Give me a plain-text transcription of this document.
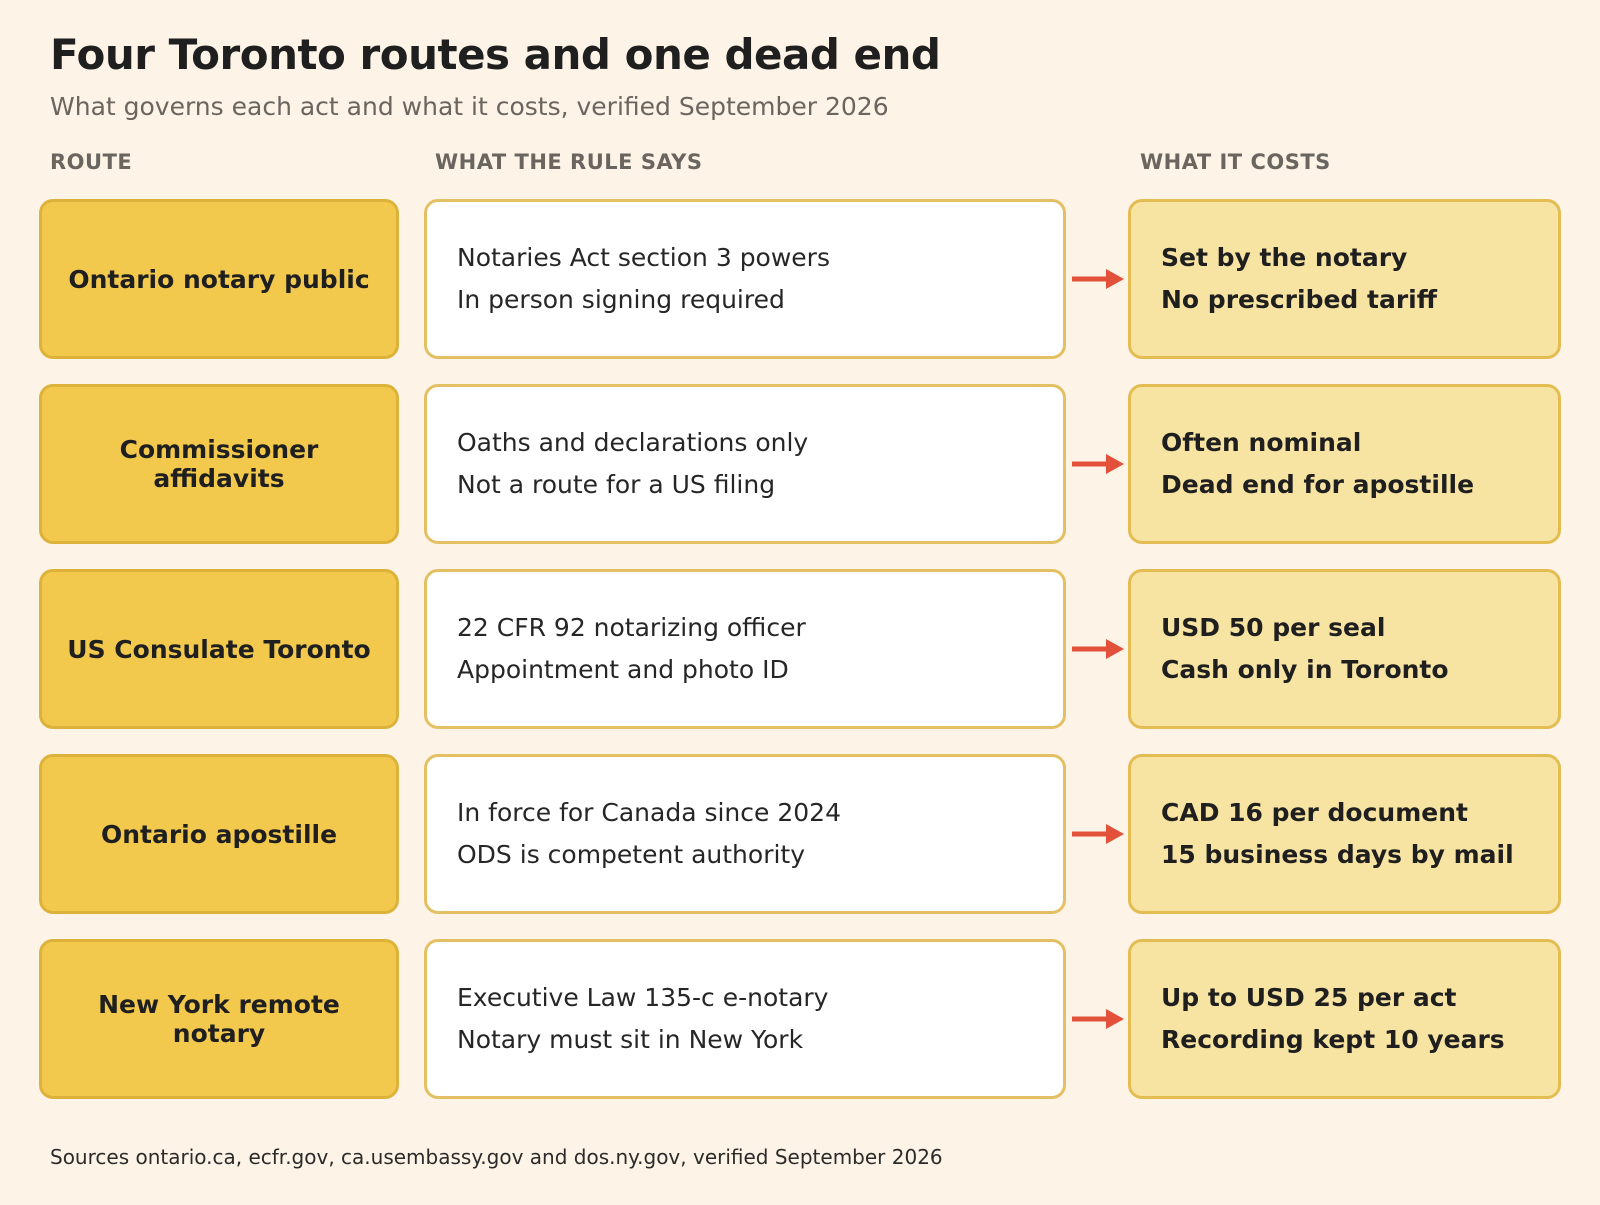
Four Toronto routes and one dead end

What governs each act and what it costs, verified September 2026

ROUTE	WHAT THE RULE SAYS	WHAT IT COSTS
Ontario notary public
Notaries Act section 3 powers
In person signing required
Set by the notary
No prescribed tariff
Commissioner affidavits
Oaths and declarations only
Not a route for a US filing
Often nominal
Dead end for apostille
US Consulate Toronto
22 CFR 92 notarizing officer
Appointment and photo ID
USD 50 per seal
Cash only in Toronto
Ontario apostille
In force for Canada since 2024
ODS is competent authority
CAD 16 per document
15 business days by mail
New York remote notary
Executive Law 135-c e-notary
Notary must sit in New York
Up to USD 25 per act
Recording kept 10 years
Sources ontario.ca, ecfr.gov, ca.usembassy.gov and dos.ny.gov, verified September 2026
